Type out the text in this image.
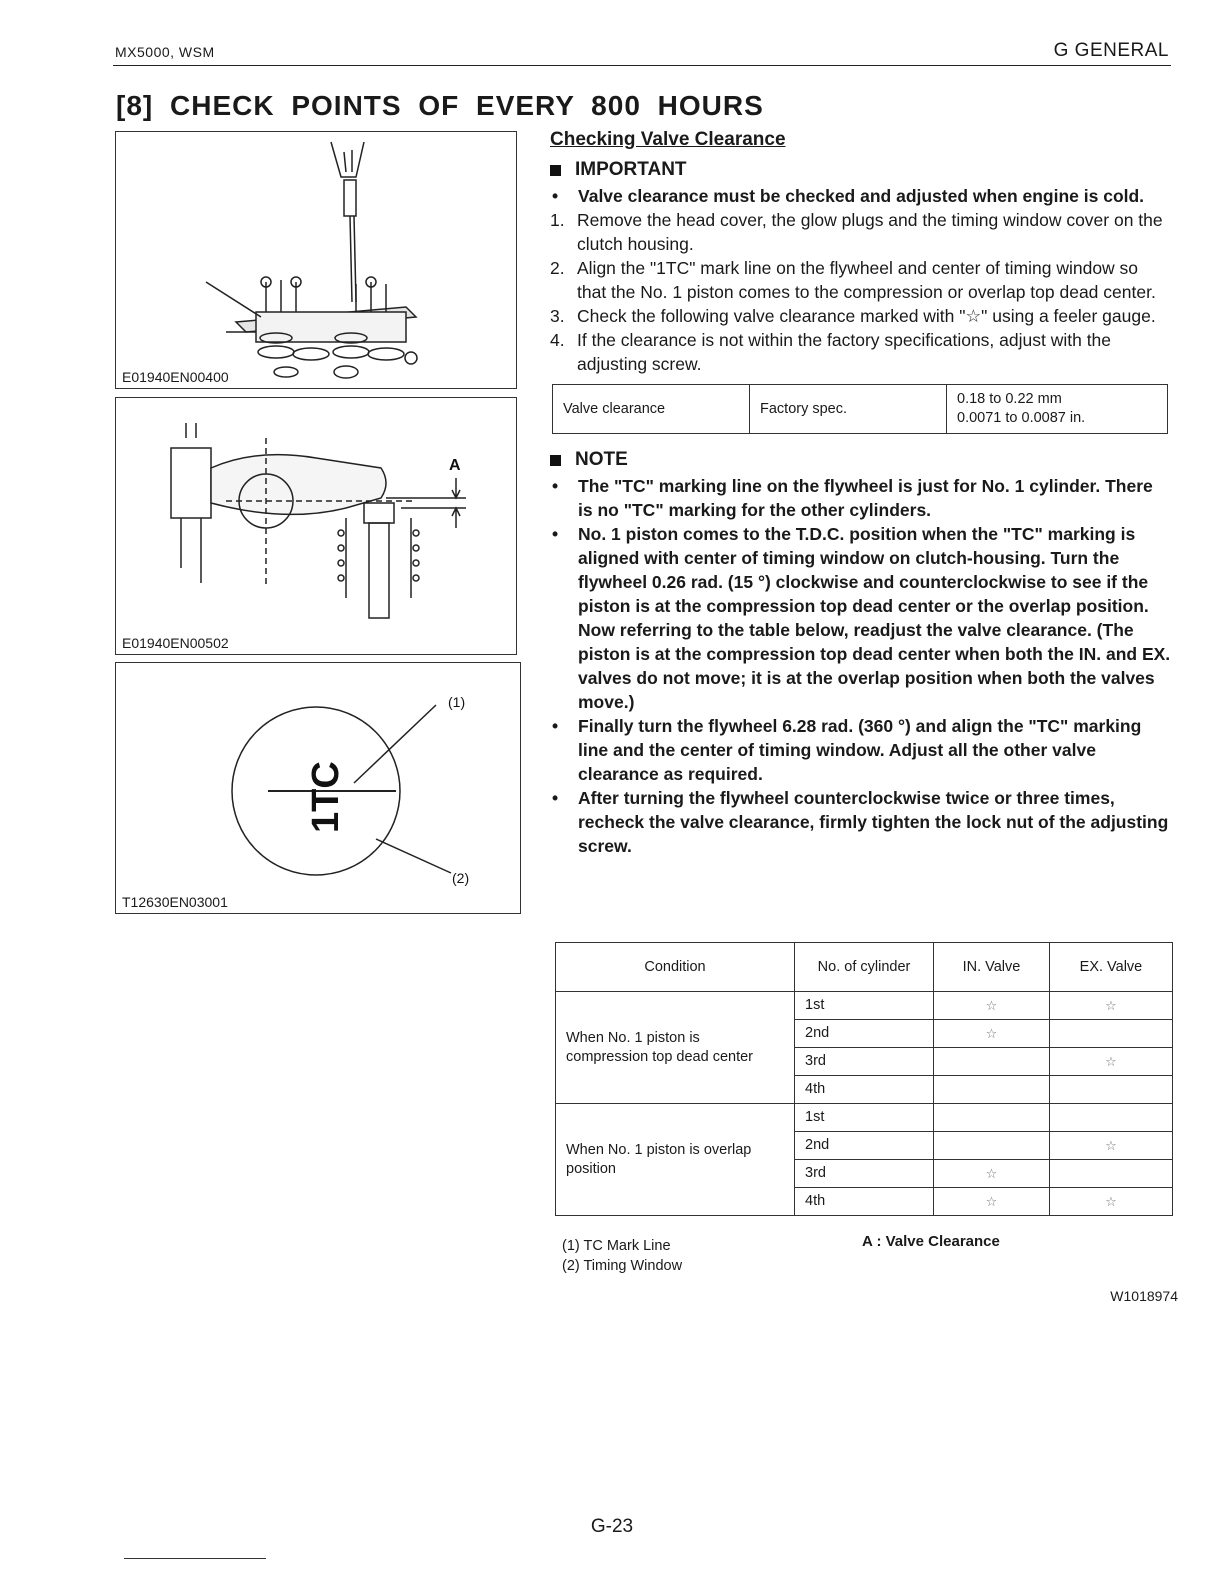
MX5000, WSM	G GENERAL
[8] CHECK POINTS OF EVERY 800 HOURS
E01940EN00400
A
E01940EN00502
1TC
(1)
(2)
T12630EN03001
Checking Valve Clearance
IMPORTANT
•	Valve clearance must be checked and adjusted when engine is cold.
1. Remove the head cover, the glow plugs and the timing window cover on the clutch housing.
2. Align the "1TC" mark line on the flywheel and center of timing window so that the No. 1 piston comes to the compression or overlap top dead center.
3. Check the following valve clearance marked with "☆" using a feeler gauge.
4. If the clearance is not within the factory specifications, adjust with the adjusting screw.
Valve clearance	Factory spec.	
0.18 to 0.22 mm
0.0071 to 0.0087 in.
NOTE
•	The "TC" marking line on the flywheel is just for No. 1 cylinder. There is no "TC" marking for the other cylinders.
•	No. 1 piston comes to the T.D.C. position when the "TC" marking is aligned with center of timing window on clutch-housing. Turn the flywheel 0.26 rad. (15 °) clockwise and counterclockwise to see if the piston is at the compression top dead center or the overlap position. Now referring to the table below, readjust the valve clearance. (The piston is at the compression top dead center when both the IN. and EX. valves do not move; it is at the overlap position when both the valves move.)
•	Finally turn the flywheel 6.28 rad. (360 °) and align the "TC" marking line and the center of timing window. Adjust all the other valve clearance as required.
•	After turning the flywheel counterclockwise twice or three times, recheck the valve clearance, firmly tighten the lock nut of the adjusting screw.
Condition	No. of cylinder	IN. Valve	EX. Valve
When No. 1 piston is compression top dead center	1st	☆	☆
	2nd	☆	
	3rd		☆
	4th		
When No. 1 piston is overlap position	1st		
	2nd		☆
	3rd	☆	
	4th	☆	☆
(1) TC Mark Line
(2) Timing Window
A : Valve Clearance
W1018974
G-23
